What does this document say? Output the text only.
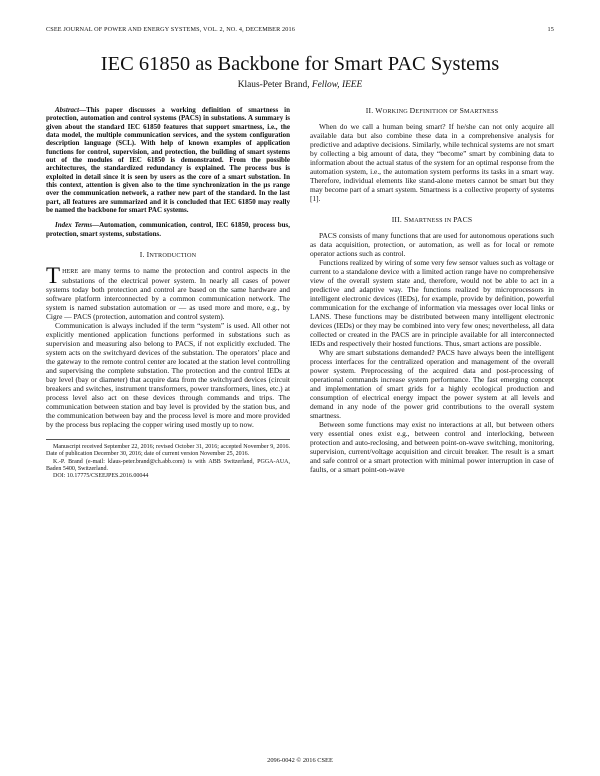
CSEE JOURNAL OF POWER AND ENERGY SYSTEMS, VOL. 2, NO. 4, DECEMBER 2016	15
IEC 61850 as Backbone for Smart PAC Systems
Klaus-Peter Brand, Fellow, IEEE
Abstract—This paper discusses a working definition of smartness in protection, automation and control systems (PACS) in substations. A summary is given about the standard IEC 61850 features that support smartness, i.e., the data model, the multiple communication services, and the system configuration description language (SCL). With help of known examples of application functions for control, supervision, and protection, the building of smart systems out of the modules of IEC 61850 is demonstrated. From the possible architectures, the standardized redundancy is explained. The process bus is exploited in detail since it is seen by users as the core of a smart substation. In this context, attention is given also to the time synchronization in the µs range over the communication network, a rather new part of the standard. In the last part, all features are summarized and it is concluded that IEC 61850 may really be named the backbone for smart PAC systems.
Index Terms—Automation, communication, control, IEC 61850, process bus, protection, smart systems, substations.
I. INTRODUCTION

THERE are many terms to name the protection and control aspects in the substations of the electrical power system. In nearly all cases of power systems today both protection and control are based on the same hardware and software platform interconnected by a common communication network. The system is named substation automation or — as used more and more, e.g., by Cigre — PACS (protection, automation and control system).

Communication is always included if the term “system” is used. All other not explicitly mentioned application functions performed in substations such as supervision and measuring also belong to PACS, if not explicitly excluded. The system acts on the switchyard devices of the substation. The operators’ place and the gateway to the remote control center are located at the station level controlling and supervising the complete substation. The protection and the control IEDs at bay level (bay or diameter) that acquire data from the switchyard devices (circuit breakers and switches, instrument transformers, power transformers, lines, etc.) at process level also act on these devices through commands and trips. The communication between station and bay level is provided by the station bus, and the communication between bay and the process level is more and more provided by the process bus replacing the copper wiring used mostly up to now.

Manuscript received September 22, 2016; revised October 31, 2016; accepted November 9, 2016. Date of publication December 30, 2016; date of current version November 25, 2016.

K.-P. Brand (e-mail: klaus-peter.brand@ch.abb.com) is with ABB Switzerland, PGGA-AUA, Baden 5400, Switzerland.

DOI: 10.17775/CSEEJPES.2016.00044

II. WORKING DEFINITION OF SMARTNESS

When do we call a human being smart? If he/she can not only acquire all available data but also combine these data in a comprehensive analysis for predictive and adaptive decisions. Similarly, while technical systems are not smart by collecting a big amount of data, they “become” smart by combining data to information about the actual status of the system for an optimal response from the automation system, i.e., the automation system performs its tasks in a smart way. Therefore, individual elements like stand-alone meters cannot be smart but they may become part of a smart system. Smartness is a collective property of systems [1].

III. SMARTNESS IN PACS

PACS consists of many functions that are used for autonomous operations such as data acquisition, protection, or automation, as well as for local or remote operator actions such as control.

Functions realized by wiring of some very few sensor values such as voltage or current to a standalone device with a limited action range have no comprehensive view of the overall system state and, therefore, would not be able to act in a predictive and adaptive way. The functions realized by microprocessors in intelligent electronic devices (IEDs), for example, provide by definition, powerful communication for the exchange of information via messages over local links or LANS. These functions may be distributed between many intelligent electronic devices (IEDs) or they may be combined into very few ones; nevertheless, all data collected or created in the PACS are in principle available for all interconnected IEDs and respectively their hosted functions. Thus, smart actions are possible.

Why are smart substations demanded? PACS have always been the intelligent process interfaces for the centralized operation and management of the overall power system. Preprocessing of the acquired data and post-processing of operational commands increase system performance. The fast emerging concept and implementation of smart grids for a highly ecological production and consumption of electrical energy impact the power system at all levels and demand in any node of the power grid contributions to the overall system smartness.

Between some functions may exist no interactions at all, but between others very essential ones exist e.g., between control and interlocking, between protection and auto-reclosing, and between point-on-wave switching, monitoring, supervision, current/voltage acquisition and circuit breaker. The result is a smart and safe control or a smart protection with minimal power interruption in case of faults, or a smart point-on-wave

2096-0042 © 2016 CSEE
